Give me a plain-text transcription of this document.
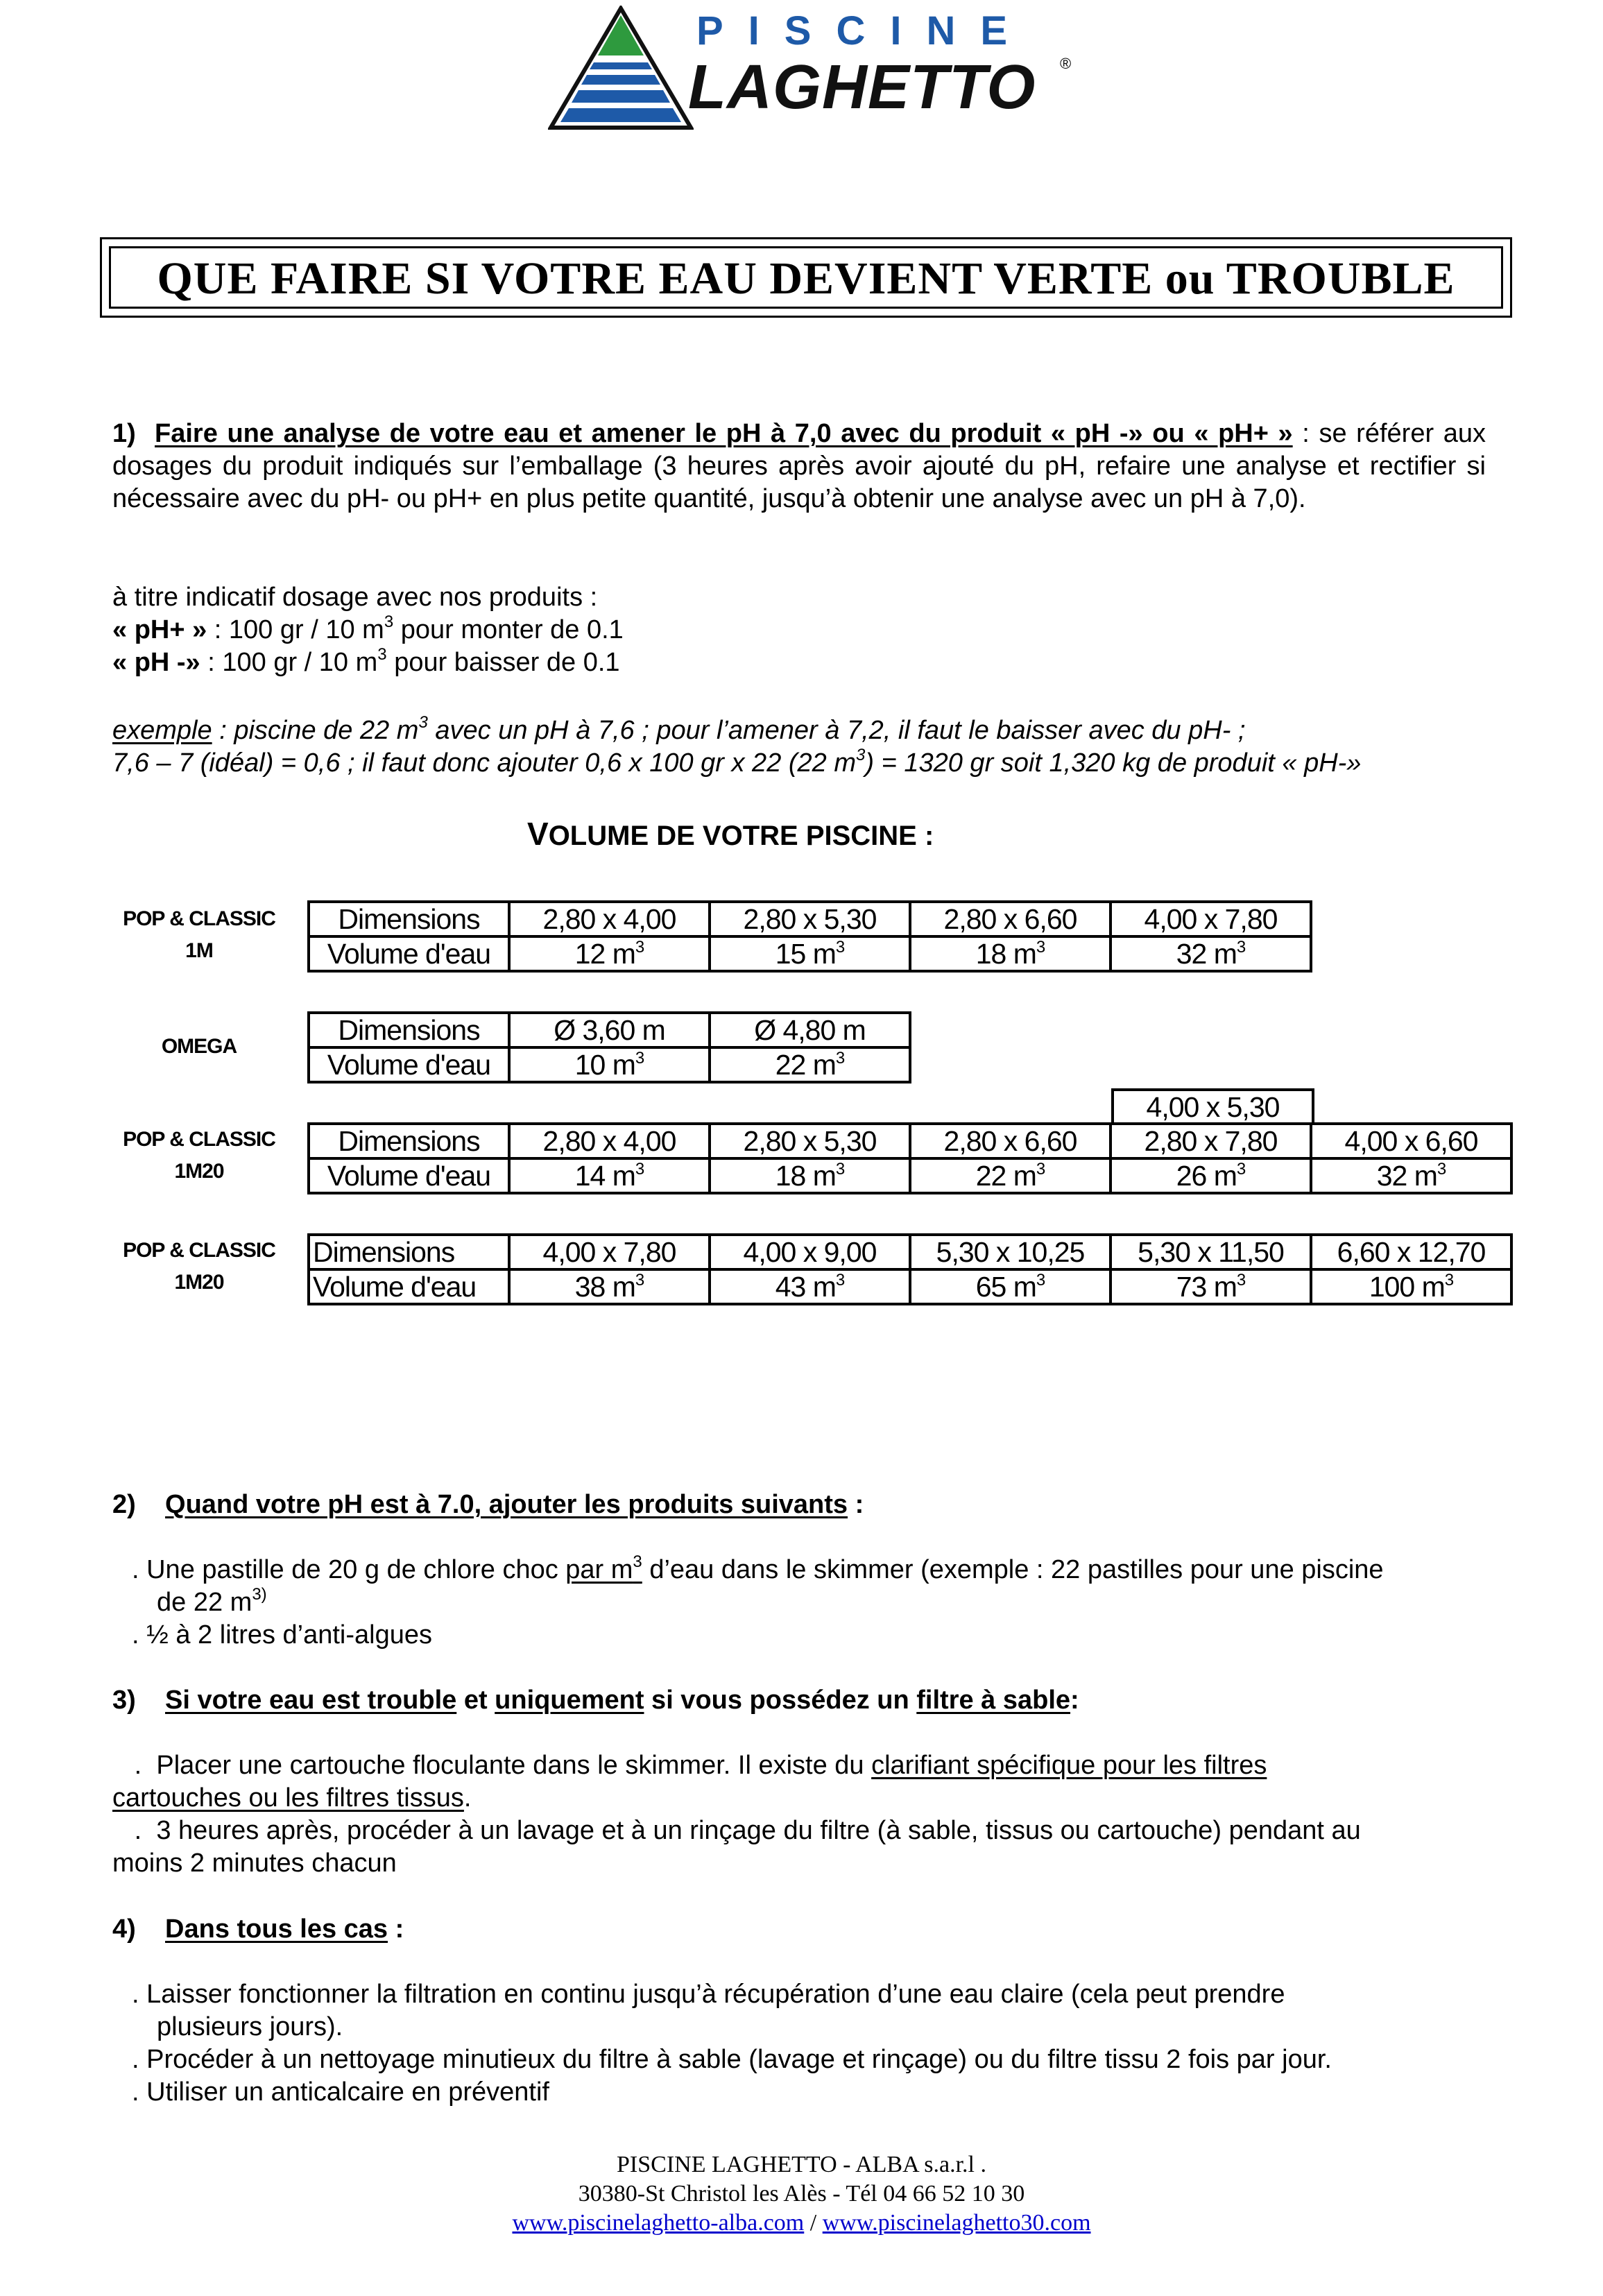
PISCINE
LAGHETTO ®
QUE FAIRE SI VOTRE EAU DEVIENT VERTE ou TROUBLE
1) Faire une analyse de votre eau et amener le pH à 7,0 avec du produit « pH -» ou « pH+ » : se référer aux dosages du produit indiqués sur l’emballage (3 heures après avoir ajouté du pH, refaire une analyse et rectifier si nécessaire avec du pH- ou pH+ en plus petite quantité, jusqu’à obtenir une analyse avec un pH à 7,0).
à titre indicatif dosage avec nos produits :
« pH+ » : 100 gr / 10 $m^3$ pour monter de 0.1
« pH -» : 100 gr / 10 $m^3$ pour baisser de 0.1
exemple : piscine de 22 $m^3$ avec un pH à 7,6 ; pour l’amener à 7,2, il faut le baisser avec du pH- ;
7,6 – 7 (idéal) = 0,6 ; il faut donc ajouter 0,6 x 100 gr x 22 (22 $m^3) = 1320$ gr soit 1,320 kg de produit « pH-»
VOLUME DE VOTRE PISCINE :
POP & CLASSIC
1M
Dimensions	2,80 x 4,00	2,80 x 5,30	2,80 x 6,60	4,00 x 7,80
Volume d'eau	12 $m^3$	15 $m^3$	18 $m^3$	32 $m^3$
OMEGA
Dimensions	Ø 3,60 m	Ø 4,80 m
Volume d'eau	10 $m^3$	22 $m^3$
4,00 x 5,30
POP & CLASSIC
1M20
Dimensions	2,80 x 4,00	2,80 x 5,30	2,80 x 6,60	2,80 x 7,80	4,00 x 6,60
Volume d'eau	14 $m^3$	18 $m^3$	22 $m^3$	26 $m^3$	32 $m^3$
POP & CLASSIC
1M20
Dimensions	4,00 x 7,80	4,00 x 9,00	5,30 x 10,25	5,30 x 11,50	6,60 x 12,70
Volume d'eau	38 $m^3$	43 $m^3$	65 $m^3$	73 $m^3$	100 $m^3$
2) Quand votre pH est à 7.0, ajouter les produits suivants :
. Une pastille de 20 g de chlore choc par $m^3$ d’eau dans le skimmer (exemple : 22 pastilles pour une piscine
de 22 $m^{3)}$
. ½ à 2 litres d’anti-algues
3) Si votre eau est trouble et uniquement si vous possédez un filtre à sable:
.  Placer une cartouche floculante dans le skimmer. Il existe du clarifiant spécifique pour les filtres
cartouches ou les filtres tissus.
.  3 heures après, procéder à un lavage et à un rinçage du filtre (à sable, tissus ou cartouche) pendant au
moins 2 minutes chacun
4) Dans tous les cas :
. Laisser fonctionner la filtration en continu jusqu’à récupération d’une eau claire (cela peut prendre
plusieurs jours).
. Procéder à un nettoyage minutieux du filtre à sable (lavage et rinçage) ou du filtre tissu 2 fois par jour.
. Utiliser un anticalcaire en préventif
PISCINE LAGHETTO - ALBA s.a.r.l .
30380-St Christol les Alès - Tél 04 66 52 10 30
www.piscinelaghetto-alba.com / www.piscinelaghetto30.com
